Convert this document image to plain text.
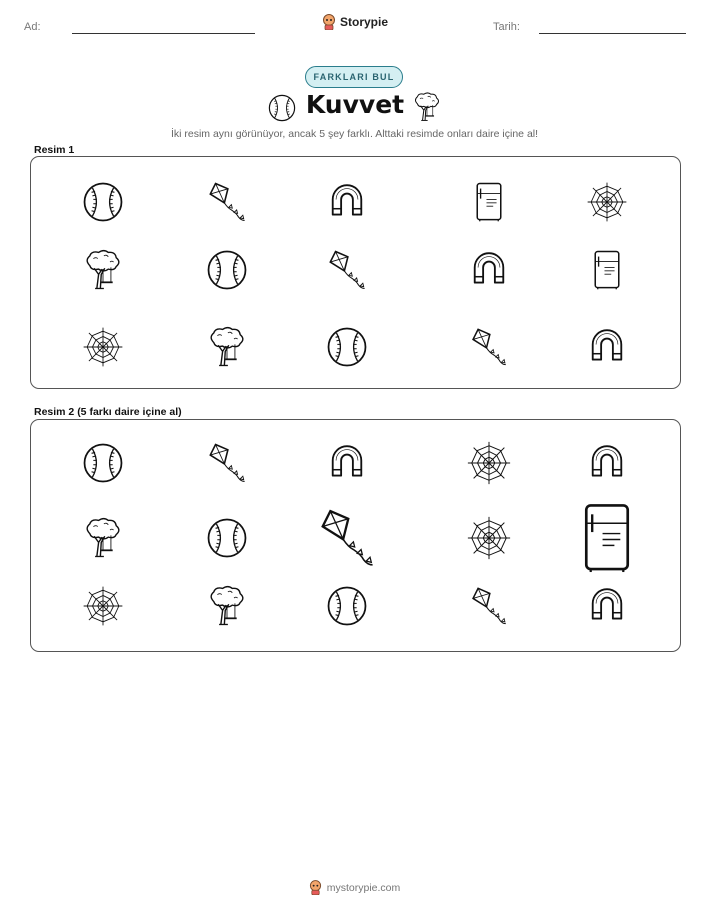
Ad:	Storypie	Tarih:
FARKLARI BUL
Kuvvet
İki resim aynı görünüyor, ancak 5 şey farklı. Alttaki resimde onları daire içine al!
Resim 1
Resim 2 (5 farkı daire içine al)
mystorypie.com
